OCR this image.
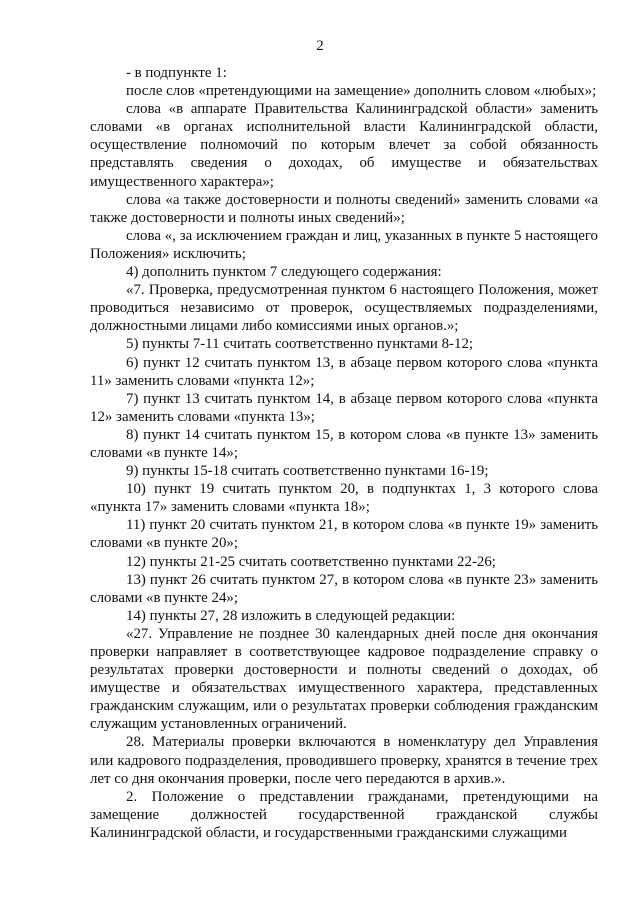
2

- в подпункте 1:

после слов «претендующими на замещение» дополнить словом «любых»;

слова «в аппарате Правительства Калининградской области» заменить словами «в органах исполнительной власти Калининградской области, осуществление полномочий по которым влечет за собой обязанность представлять сведения о доходах, об имуществе и обязательствах имущественного характера»;

слова «а также достоверности и полноты сведений» заменить словами «а также достоверности и полноты иных сведений»;

слова «, за исключением граждан и лиц, указанных в пункте 5 настоящего Положения» исключить;

4) дополнить пунктом 7 следующего содержания:

«7. Проверка, предусмотренная пунктом 6 настоящего Положения, может проводиться независимо от проверок, осуществляемых подразделениями, должностными лицами либо комиссиями иных органов.»;

5) пункты 7-11 считать соответственно пунктами 8-12;

6) пункт 12 считать пунктом 13, в абзаце первом которого слова «пункта 11» заменить словами «пункта 12»;

7) пункт 13 считать пунктом 14, в абзаце первом которого слова «пункта 12» заменить словами «пункта 13»;

8) пункт 14 считать пунктом 15, в котором слова «в пункте 13» заменить словами «в пункте 14»;

9) пункты 15-18 считать соответственно пунктами 16-19;

10) пункт 19 считать пунктом 20, в подпунктах 1, 3 которого слова «пункта 17» заменить словами «пункта 18»;

11) пункт 20 считать пунктом 21, в котором слова «в пункте 19» заменить словами «в пункте 20»;

12) пункты 21-25 считать соответственно пунктами 22-26;

13) пункт 26 считать пунктом 27, в котором слова «в пункте 23» заменить словами «в пункте 24»;

14) пункты 27, 28 изложить в следующей редакции:

«27. Управление не позднее 30 календарных дней после дня окончания проверки направляет в соответствующее кадровое подразделение справку о результатах проверки достоверности и полноты сведений о доходах, об имуществе и обязательствах имущественного характера, представленных гражданским служащим, или о результатах проверки соблюдения гражданским служащим установленных ограничений.

28. Материалы проверки включаются в номенклатуру дел Управления или кадрового подразделения, проводившего проверку, хранятся в течение трех лет со дня окончания проверки, после чего передаются в архив.».

2. Положение о представлении гражданами, претендующими на замещение должностей государственной гражданской службы Калининградской области, и государственными гражданскими служащими
